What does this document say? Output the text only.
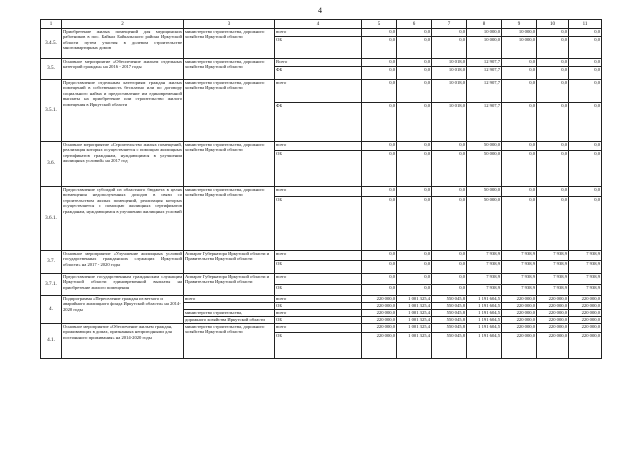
4
1	2	3	4	5	6	7	8	9	10	11
3.4.5.	Приобретение жилых помещений для медицинских работников в пос. Байкал Байкальского района Иркутской области путем участия в долевом строительстве многоквартирных домов	министерство строительства, дорожного хозяйства Иркутской области	всего	0,0	0,0	0,0	10 000,0	10 000,0	0,0	0,0
			ОБ	0,0	0,0	0,0	10 000,0	10 000,0	0,0	0,0
3.5.	Основное мероприятие «Обеспечение жильем отдельных категорий граждан» на 2016 - 2017 годы	министерство строительства, дорожного хозяйства Иркутской области	Всего	0,0	0,0	10 018,0	12 907,7	0,0	0,0	0,0
			ФБ	0,0	0,0	10 018,0	12 907,7	0,0	0,0	0,0
3.5.1.	Предоставление отдельным категориям граждан жилых помещений в собственность бесплатно или по договору социального найма и предоставление им единовременной выплаты на приобретение или строительство жилого помещения в Иркутской области	министерство строительства, дорожного хозяйства Иркутской области	всего	0,0	0,0	10 018,0	12 907,7	0,0	0,0	0,0
			ФБ	0,0	0,0	10 018,0	12 907,7	0,0	0,0	0,0
3.6.	Основное мероприятие «Строительство жилых помещений, реализация которых осуществляется с помощью жилищных сертификатов гражданам, нуждающимся в улучшении жилищных условий» на 2017 год	министерство строительства, дорожного хозяйства Иркутской области	всего	0,0	0,0	0,0	50 000,0	0,0	0,0	0,0
			ОБ	0,0	0,0	0,0	50 000,0	0,0	0,0	0,0
3.6.1.	Предоставление субсидий из областного бюджета в целях возмещения недополученных доходов в связи со строительством жилых помещений, реализация которых осуществляется с помощью жилищных сертификатов гражданам, нуждающимся в улучшении жилищных условий	министерство строительства, дорожного хозяйства Иркутской области	всего	0,0	0,0	0,0	50 000,0	0,0	0,0	0,0
			ОБ	0,0	0,0	0,0	50 000,0	0,0	0,0	0,0
3.7.	Основное мероприятие «Улучшение жилищных условий государственных гражданских служащих Иркутской области» на 2017 - 2020 годы	Аппарат Губернатора Иркутской области и Правительства Иркутской области	всего	0,0	0,0	0,0	7 938,9	7 938,9	7 938,9	7 938,9
			ОБ	0,0	0,0	0,0	7 938,9	7 938,9	7 938,9	7 938,9
3.7.1.	Предоставление государственным гражданским служащим Иркутской области единовременной выплаты на приобретение жилого помещения	Аппарат Губернатора Иркутской области и Правительства Иркутской области	всего	0,0	0,0	0,0	7 938,9	7 938,9	7 938,9	7 938,9
			ОБ	0,0	0,0	0,0	7 938,9	7 938,9	7 938,9	7 938,9
4.	Подпрограмма «Переселение граждан из ветхого и аварийного жилищного фонда Иркутской области» на 2014-2020 годы	всего	всего	220 000,0	1 001 325,4	550 045,8	1 191 604,5	220 000,0	220 000,0	220 000,0
			ОБ	220 000,0	1 001 325,4	550 045,8	1 191 604,5	220 000,0	220 000,0	220 000,0
		министерство строительства,	всего	220 000,0	1 001 325,4	550 045,8	1 191 604,5	220 000,0	220 000,0	220 000,0
		дорожного хозяйства Иркутской области	ОБ	220 000,0	1 001 325,4	550 045,8	1 191 604,5	220 000,0	220 000,0	220 000,0
4.1.	Основное мероприятие «Обеспечение жильем граждан, проживающих в домах, признанных непригодными для постоянного проживания» на 2014-2020 годы	министерство строительства, дорожного хозяйства Иркутской области	всего	220 000,0	1 001 325,4	550 045,8	1 191 604,5	220 000,0	220 000,0	220 000,0
			ОБ	220 000,0	1 001 325,4	550 045,8	1 191 604,5	220 000,0	220 000,0	220 000,0
